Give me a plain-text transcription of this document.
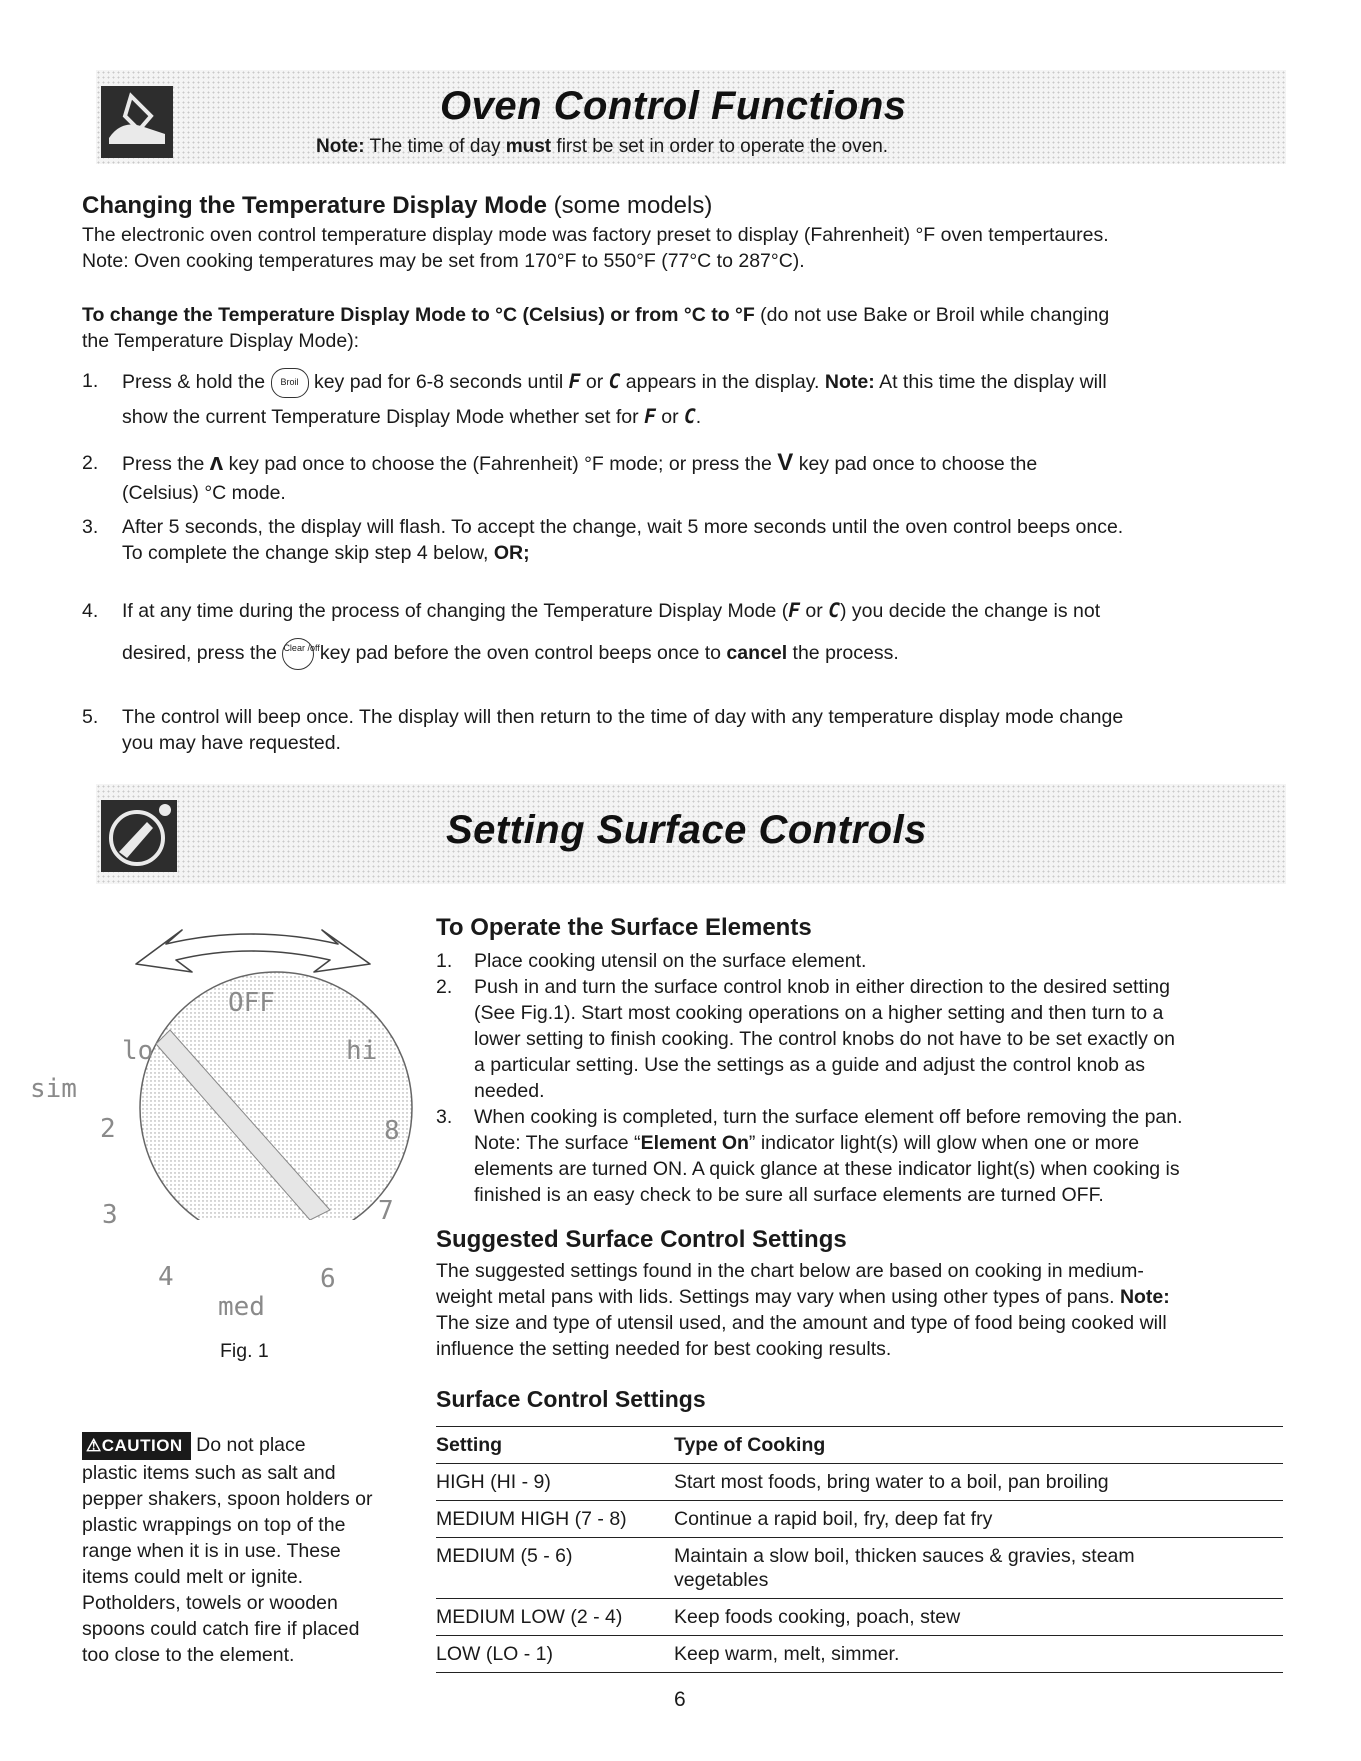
Oven Control Functions
Note: The time of day must first be set in order to operate the oven.
Changing the Temperature Display Mode (some models)

The electronic oven control temperature display mode was factory preset to display (Fahrenheit) °F oven tempertaures.

Note: Oven cooking temperatures may be set from 170°F to 550°F (77°C to 287°C).

To change the Temperature Display Mode to °C (Celsius) or from °C to °F (do not use Bake or Broil while changing
the Temperature Display Mode):
1. Press & hold the Broil key pad for 6-8 seconds until F or C appears in the display. Note: At this time the display will
show the current Temperature Display Mode whether set for F or C.
2. Press the ʌ key pad once to choose the (Fahrenheit) °F mode; or press the V key pad once to choose the
(Celsius) °C mode.
3. After 5 seconds, the display will flash. To accept the change, wait 5 more seconds until the oven control beeps once.
To complete the change skip step 4 below, OR;
4. If at any time during the process of changing the Temperature Display Mode (F or C) you decide the change is not
desired, press the Clear /off key pad before the oven control beeps once to cancel the process.
5. The control will beep once. The display will then return to the time of day with any temperature display mode change
you may have requested.
Setting Surface Controls
OFF
lo	hi
sim
2	8
3	7
4	6
med
Fig. 1
To Operate the Surface Elements
1. Place cooking utensil on the surface element.
2. Push in and turn the surface control knob in either direction to the desired setting
(See Fig.1). Start most cooking operations on a higher setting and then turn to a
lower setting to finish cooking. The control knobs do not have to be set exactly on
a particular setting. Use the settings as a guide and adjust the control knob as
needed.
3. When cooking is completed, turn the surface element off before removing the pan.
Note: The surface “Element On” indicator light(s) will glow when one or more
elements are turned ON. A quick glance at these indicator light(s) when cooking is
finished is an easy check to be sure all surface elements are turned OFF.
Suggested Surface Control Settings
The suggested settings found in the chart below are based on cooking in medium-
weight metal pans with lids. Settings may vary when using other types of pans. Note:
The size and type of utensil used, and the amount and type of food being cooked will
influence the setting needed for best cooking results.
Surface Control Settings
Setting	Type of Cooking
HIGH (HI - 9)	Start most foods, bring water to a boil, pan broiling
MEDIUM HIGH (7 - 8)	Continue a rapid boil, fry, deep fat fry
MEDIUM (5 - 6)	Maintain a slow boil, thicken sauces & gravies, steam vegetables
MEDIUM LOW (2 - 4)	Keep foods cooking, poach, stew
LOW (LO - 1)	Keep warm, melt, simmer.
⚠CAUTION Do not place
plastic items such as salt and
pepper shakers, spoon holders or
plastic wrappings on top of the
range when it is in use. These
items could melt or ignite.
Potholders, towels or wooden
spoons could catch fire if placed
too close to the element.
6
